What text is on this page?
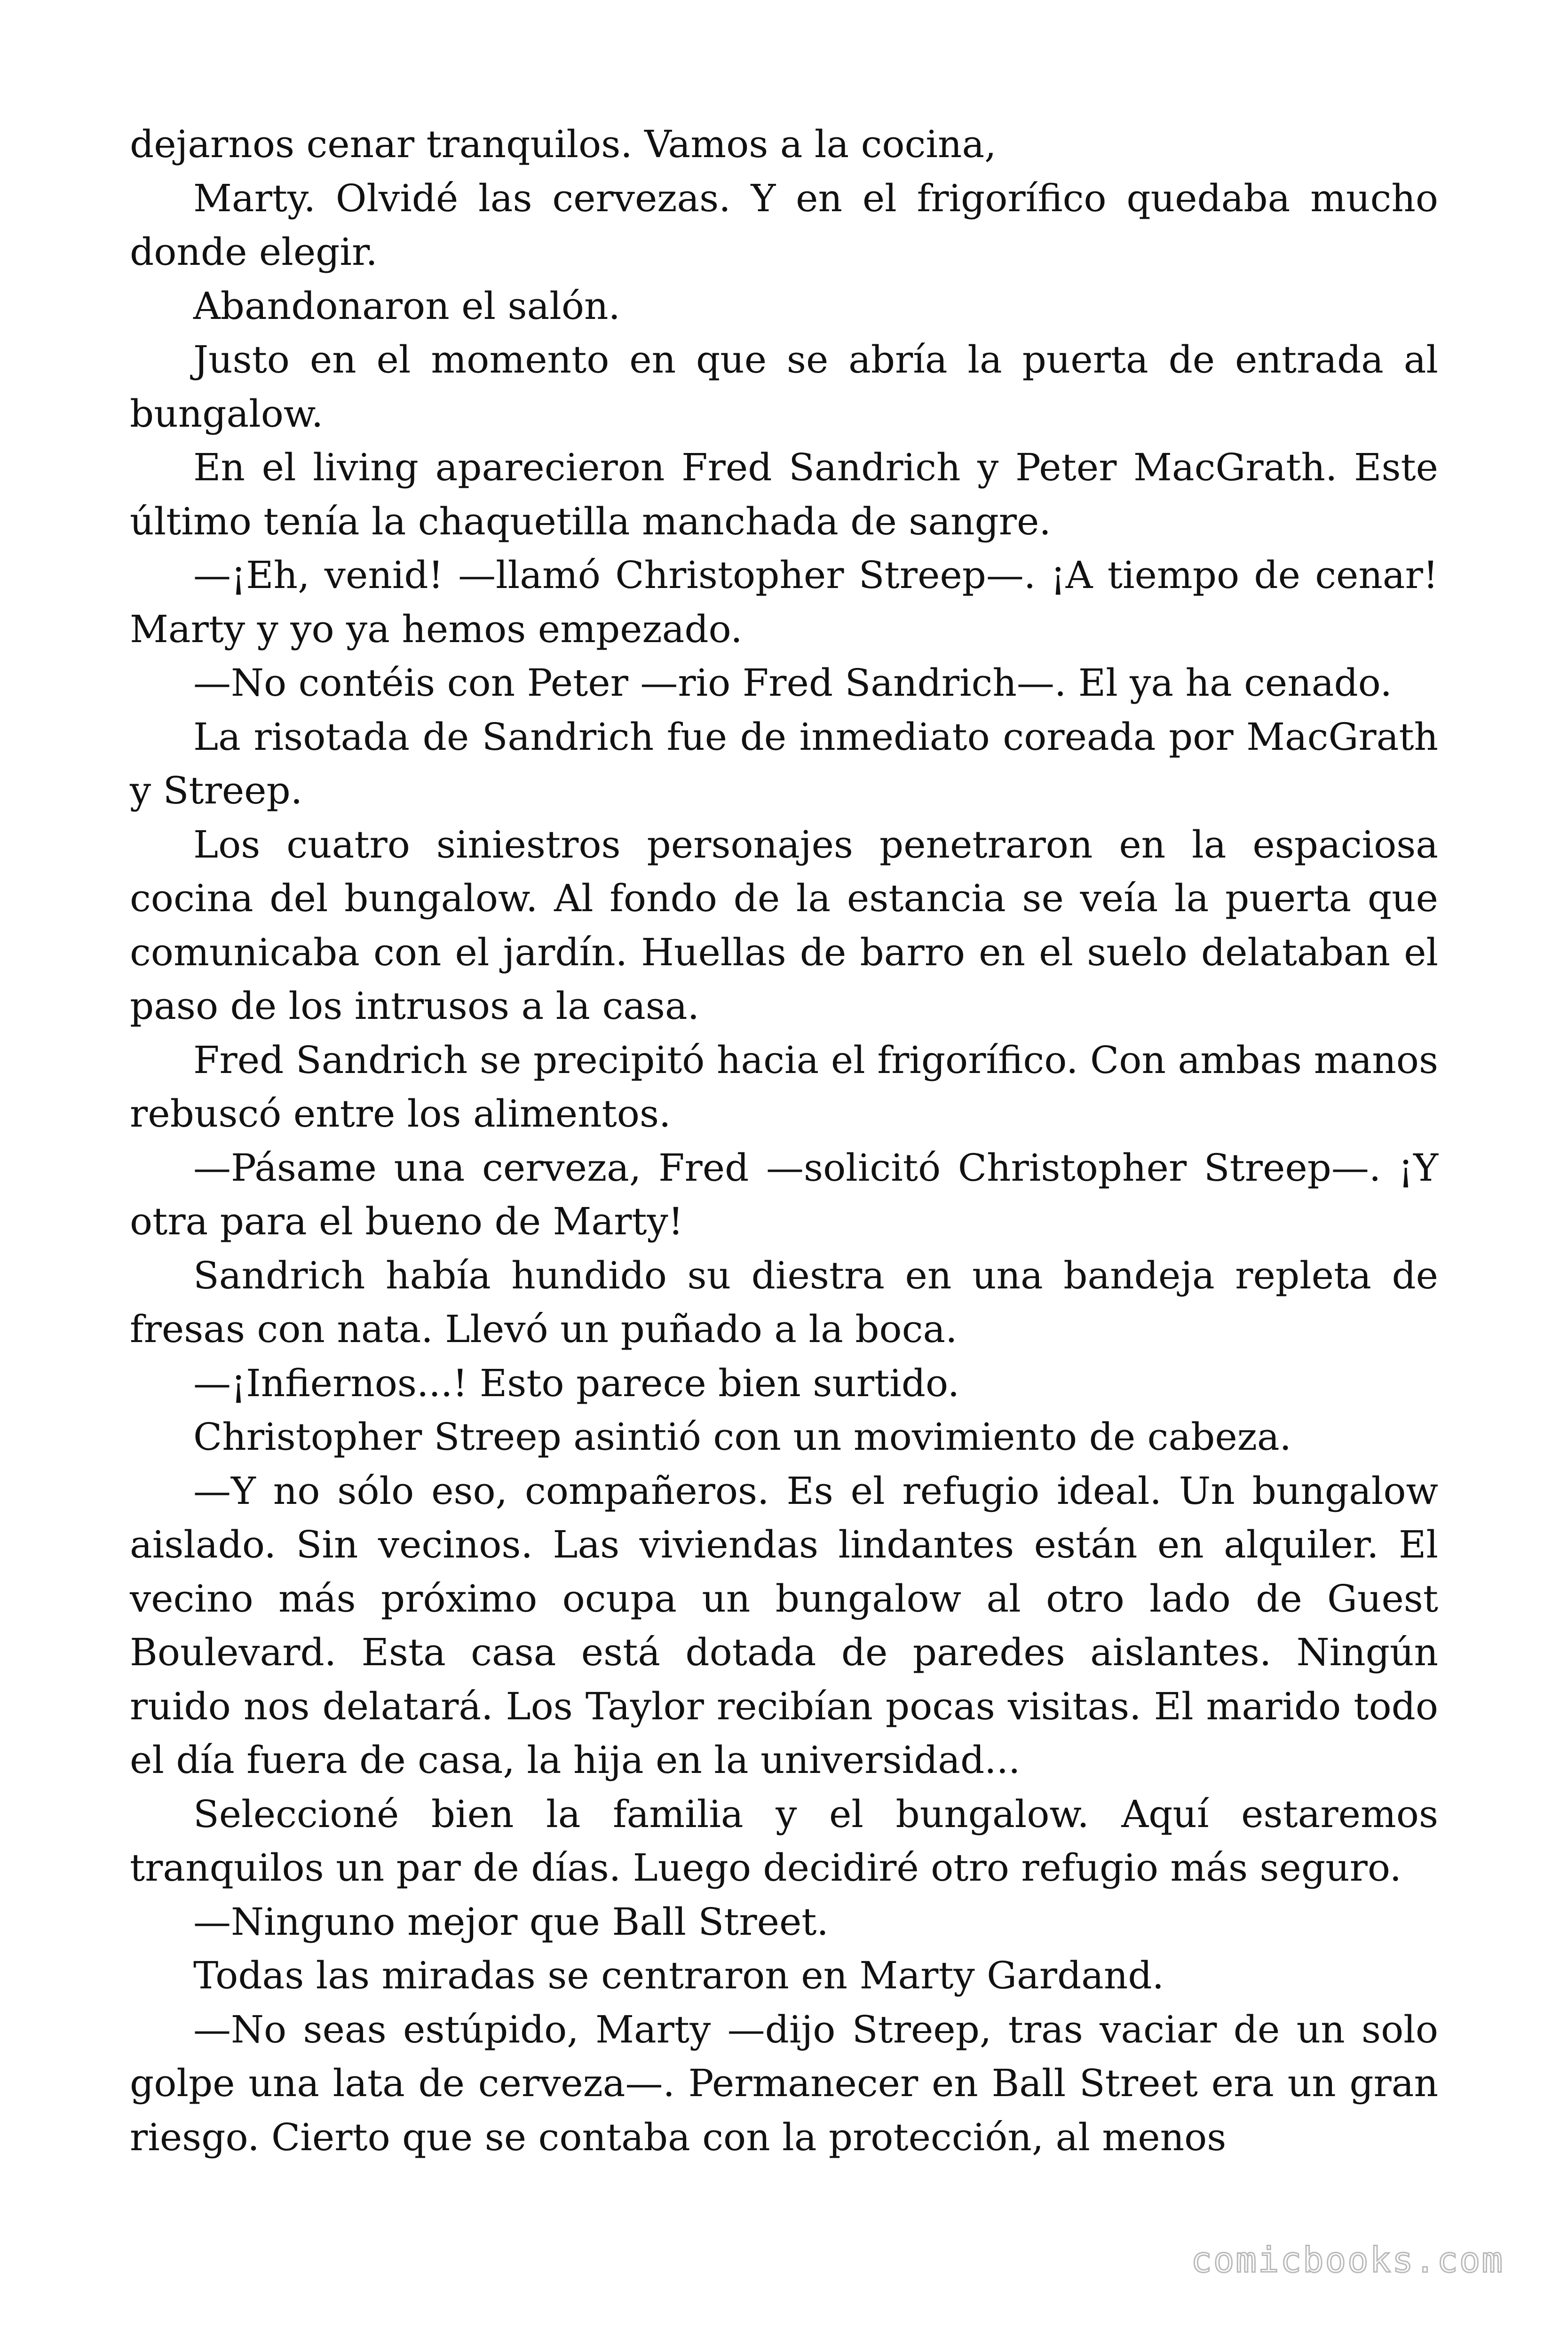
dejarnos cenar tranquilos. Vamos a la cocina,

Marty. Olvidé las cervezas. Y en el frigorífico quedaba mucho donde elegir.

Abandonaron el salón.

Justo en el momento en que se abría la puerta de entrada al bungalow.

En el living aparecieron Fred Sandrich y Peter MacGrath. Este último tenía la chaquetilla manchada de sangre.

—¡Eh, venid! —llamó Christopher Streep—. ¡A tiempo de cenar! Marty y yo ya hemos empezado.

—No contéis con Peter —rio Fred Sandrich—. El ya ha cenado.

La risotada de Sandrich fue de inmediato coreada por MacGrath y Streep.

Los cuatro siniestros personajes penetraron en la espaciosa cocina del bungalow. Al fondo de la estancia se veía la puerta que comunicaba con el jardín. Huellas de barro en el suelo delataban el paso de los intrusos a la casa.

Fred Sandrich se precipitó hacia el frigorífico. Con ambas manos rebuscó entre los alimentos.

—Pásame una cerveza, Fred —solicitó Christopher Streep—. ¡Y otra para el bueno de Marty!

Sandrich había hundido su diestra en una bandeja repleta de fresas con nata. Llevó un puñado a la boca.

—¡Infiernos...! Esto parece bien surtido.

Christopher Streep asintió con un movimiento de cabeza.

—Y no sólo eso, compañeros. Es el refugio ideal. Un bungalow aislado. Sin vecinos. Las viviendas lindantes están en alquiler. El vecino más próximo ocupa un bungalow al otro lado de Guest Boulevard. Esta casa está dotada de paredes aislantes. Ningún ruido nos delatará. Los Taylor recibían pocas visitas. El marido todo el día fuera de casa, la hija en la universidad...

Seleccioné bien la familia y el bungalow. Aquí estaremos tranquilos un par de días. Luego decidiré otro refugio más seguro.

—Ninguno mejor que Ball Street.

Todas las miradas se centraron en Marty Gardand.

—No seas estúpido, Marty —dijo Streep, tras vaciar de un solo golpe una lata de cerveza—. Permanecer en Ball Street era un gran riesgo. Cierto que se contaba con la protección, al menos

comicbooks.com
